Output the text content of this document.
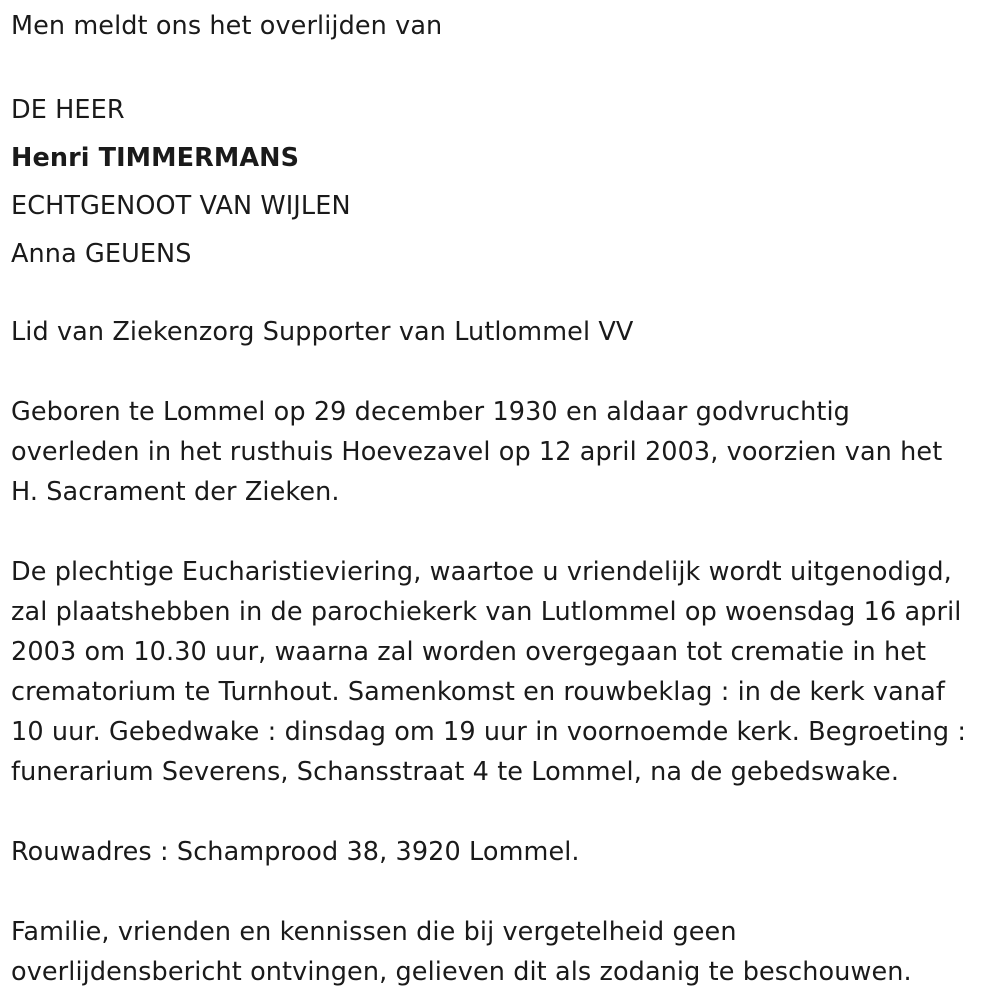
Men meldt ons het overlijden van
DE HEER
Henri TIMMERMANS
ECHTGENOOT VAN WIJLEN
Anna GEUENS
Lid van Ziekenzorg Supporter van Lutlommel VV
Geboren te Lommel op 29 december 1930 en aldaar godvruchtig
overleden in het rusthuis Hoevezavel op 12 april 2003, voorzien van het
H. Sacrament der Zieken.
De plechtige Eucharistieviering, waartoe u vriendelijk wordt uitgenodigd,
zal plaatshebben in de parochiekerk van Lutlommel op woensdag 16 april
2003 om 10.30 uur, waarna zal worden overgegaan tot crematie in het
crematorium te Turnhout. Samenkomst en rouwbeklag : in de kerk vanaf
10 uur. Gebedwake : dinsdag om 19 uur in voornoemde kerk. Begroeting :
funerarium Severens, Schansstraat 4 te Lommel, na de gebedswake.
Rouwadres : Schamprood 38, 3920 Lommel.
Familie, vrienden en kennissen die bij vergetelheid geen
overlijdensbericht ontvingen, gelieven dit als zodanig te beschouwen.
